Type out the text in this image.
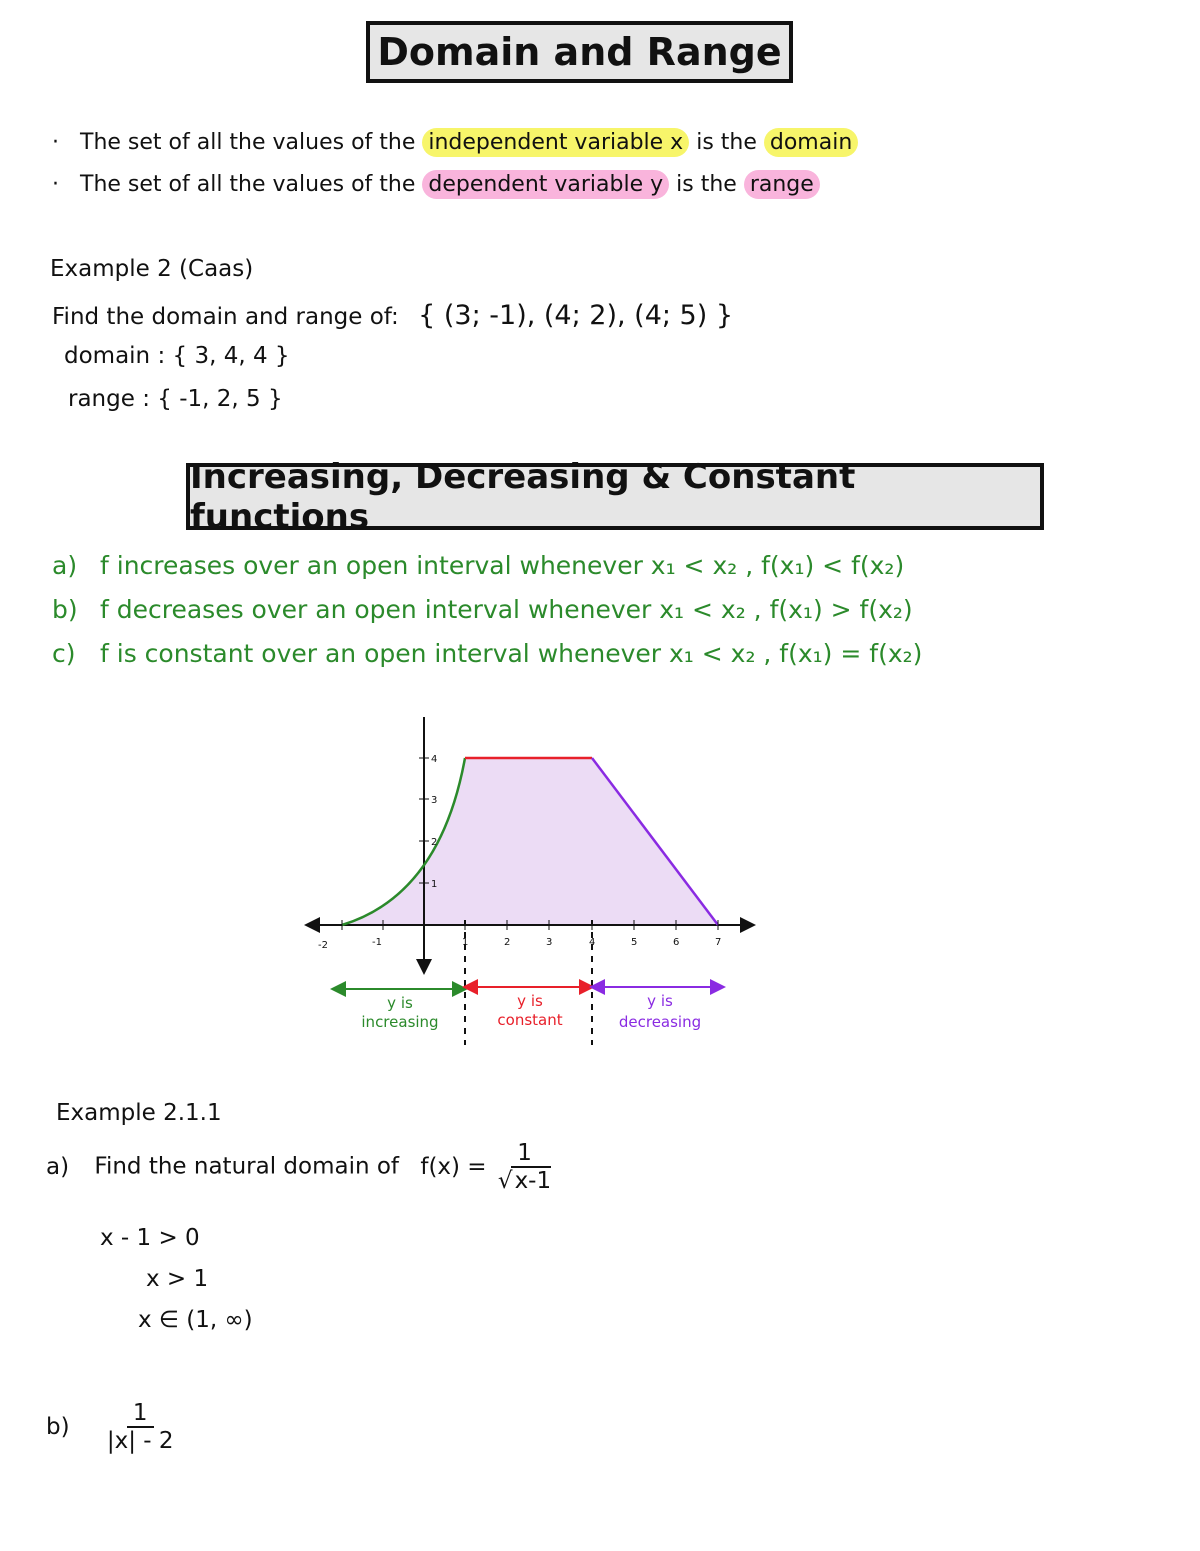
Domain and Range
· The set of all the values of the independent variable x is the domain
· The set of all the values of the dependent variable y is the range
Example 2 (Caas)
Find the domain and range of: { (3; -1), (4; 2), (4; 5) }
domain : { 3, 4, 4 }
range : { -1, 2, 5 }
Increasing, Decreasing & Constant functions
a) f increases over an open interval whenever x₁ < x₂ , f(x₁) < f(x₂)
b) f decreases over an open interval whenever x₁ < x₂ , f(x₁) > f(x₂)
c) f is constant over an open interval whenever x₁ < x₂ , f(x₁) = f(x₂)
-2	-1	1	2	3	4	5	6	7
1
2
3
4
y is
increasing
y is
constant
y is
decreasing
Example 2.1.1
a) Find the natural domain of $f(x) = \frac{1}{√x-1}$
x - 1 > 0
x > 1
x ∈ (1, ∞)
$b) \frac{1}{|x| - 2}$
